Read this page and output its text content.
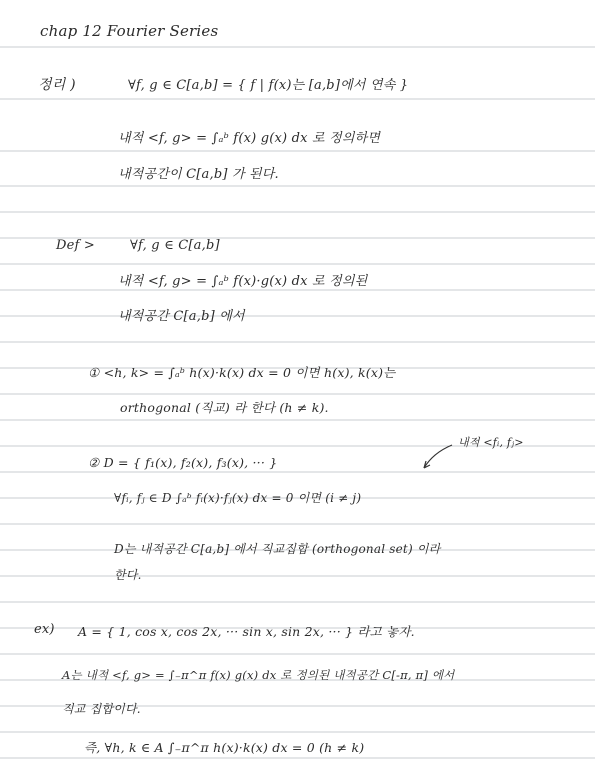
chap 12 Fourier Series
정리 )	∀f, g ∈ C[a,b] = { f | f(x)는 [a,b]에서 연속 }
내적 <f, g> = ∫ₐᵇ f(x) g(x) dx 로 정의하면
내적공간이 C[a,b] 가 된다.
Def >	∀f, g ∈ C[a,b]
내적 <f, g> = ∫ₐᵇ f(x)·g(x) dx 로 정의된
내적공간 C[a,b] 에서
① <h, k> = ∫ₐᵇ h(x)·k(x) dx = 0 이면 h(x), k(x)는
orthogonal (직교) 라 한다 (h ≠ k).
내적 <fᵢ, fⱼ>
② D = { f₁(x), f₂(x), f₃(x), ··· }
∀fᵢ, fⱼ ∈ D ∫ₐᵇ fᵢ(x)·fⱼ(x) dx = 0 이면 (i ≠ j)
D는 내적공간 C[a,b] 에서 직교집합 (orthogonal set) 이라
한다.
ex) A = { 1, cos x, cos 2x, ··· sin x, sin 2x, ··· } 라고 놓자.
A는 내적 <f, g> = ∫₋π^π f(x) g(x) dx 로 정의된 내적공간 C[-π, π] 에서
직교 집합이다.
즉, ∀h, k ∈ A ∫₋π^π h(x)·k(x) dx = 0 (h ≠ k)
